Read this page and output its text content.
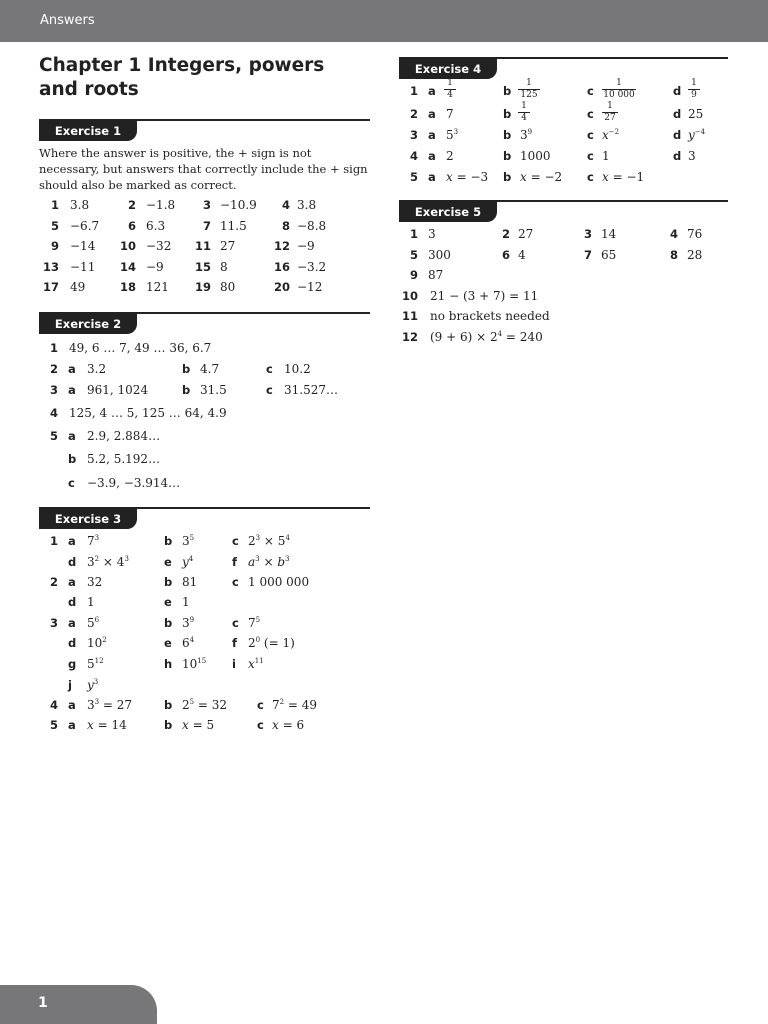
Answers
Chapter 1 Integers, powers and roots
Exercise 1
Where the answer is positive, the + sign is not necessary, but answers that correctly include the + sign should also be marked as correct.
1 3.8	2 −1.8	3 −10.9	4 3.8
5 −6.7	6 6.3	7 11.5	8 −8.8
9 −14	10 −32	11 27	12 −9
13 −11	14 −9	15 8	16 −3.2
17 49	18 121	19 80	20 −12
Exercise 2
1 49, 6 … 7, 49 … 36, 6.7
2 a 3.2	b 4.7	c 10.2
3 a 961, 1024	b 31.5	c 31.527…
4 125, 4 … 5, 125 … 64, 4.9
5 a 2.9, 2.884…
b 5.2, 5.192…
c −3.9, −3.914…
Exercise 3
1 a $7^3$	b $3^5$	c $2^3 \times 5^4$
d $3^2 \times 4^3$	e $y^4$	f $a^3 \times b^3$
2 a 32	b 81	c 1 000 000
d 1	e 1
3 a $5^6$	b $3^9$	c $7^5$
d $10^2$	e $6^4$	f $2^0$ (= 1)
g $5^{12}$	h $10^{15}$ i $x^{11}$
j $y^3$
4 a $3^3 = 27$	b $2^5 = 32$	c $7^2 = 49$
5 a x = 14	b x = 5	c x = 6
Exercise 4
1 a $\frac{1}{4}$	b $\frac{1}{125}$	c $\frac{1}{10 000}$	d $\frac{1}{9}$
2 a 7	b $\frac{1}{4}$	c $\frac{1}{27}$	d 25
3 a $5^3$	b $3^9$	c $x^{-2}$	d $y^{-4}$
4 a 2	b 1000	c 1	d 3
5 a x = −3 b x = −2 c x = −1
Exercise 5
1 3	2 27	3 14	4 76
5 300	6 4	7 65	8 28
9 87
10 21 − (3 + 7) = 11
11 no brackets needed
12 $(9 + 6) \times 2^4 = 240$
1
